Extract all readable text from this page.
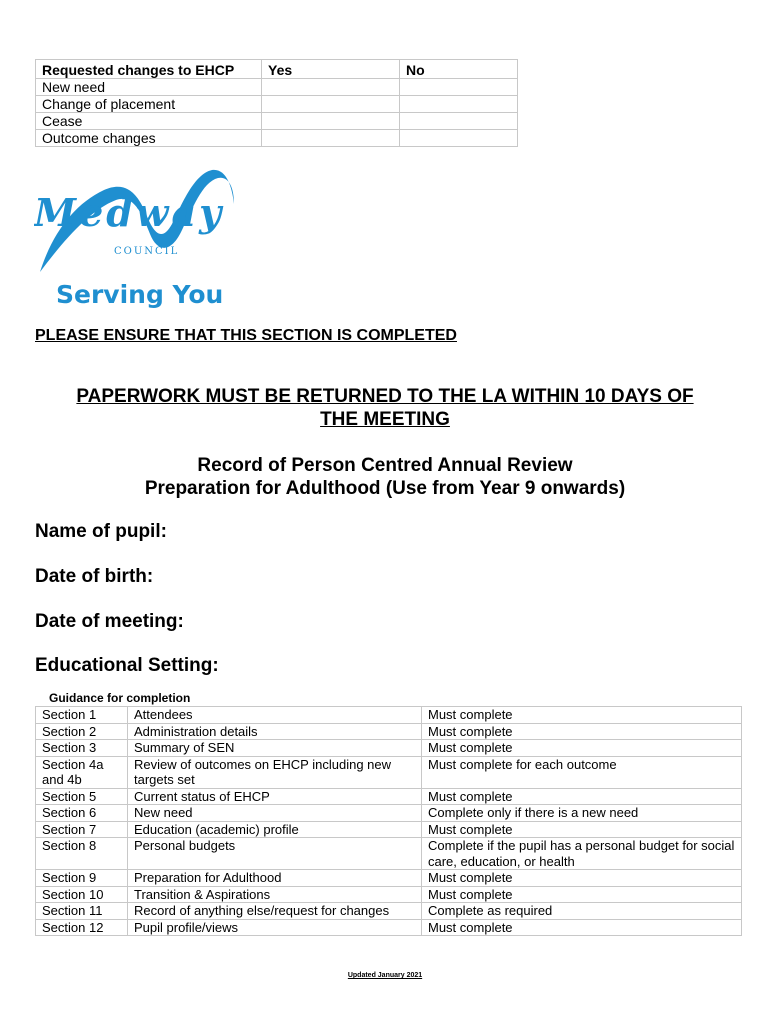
Requested changes to EHCP	Yes	No
New need		
Change of placement		
Cease		
Outcome changes		
Medway
COUNCIL
Serving You
PLEASE ENSURE THAT THIS SECTION IS COMPLETED
PAPERWORK MUST BE RETURNED TO THE LA WITHIN 10 DAYS OF
THE MEETING
Record of Person Centred Annual Review
Preparation for Adulthood (Use from Year 9 onwards)
Name of pupil:
Date of birth:
Date of meeting:
Educational Setting:
Guidance for completion
Section 1	Attendees	Must complete
Section 2	Administration details	Must complete
Section 3	Summary of SEN	Must complete
Section 4a and 4b	Review of outcomes on EHCP including new targets set	Must complete for each outcome
Section 5	Current status of EHCP	Must complete
Section 6	New need	Complete only if there is a new need
Section 7	Education (academic) profile	Must complete
Section 8	Personal budgets	Complete if the pupil has a personal budget for social care, education, or health
Section 9	Preparation for Adulthood	Must complete
Section 10	Transition & Aspirations	Must complete
Section 11	Record of anything else/request for changes	Complete as required
Section 12	Pupil profile/views	Must complete
Updated January 2021
